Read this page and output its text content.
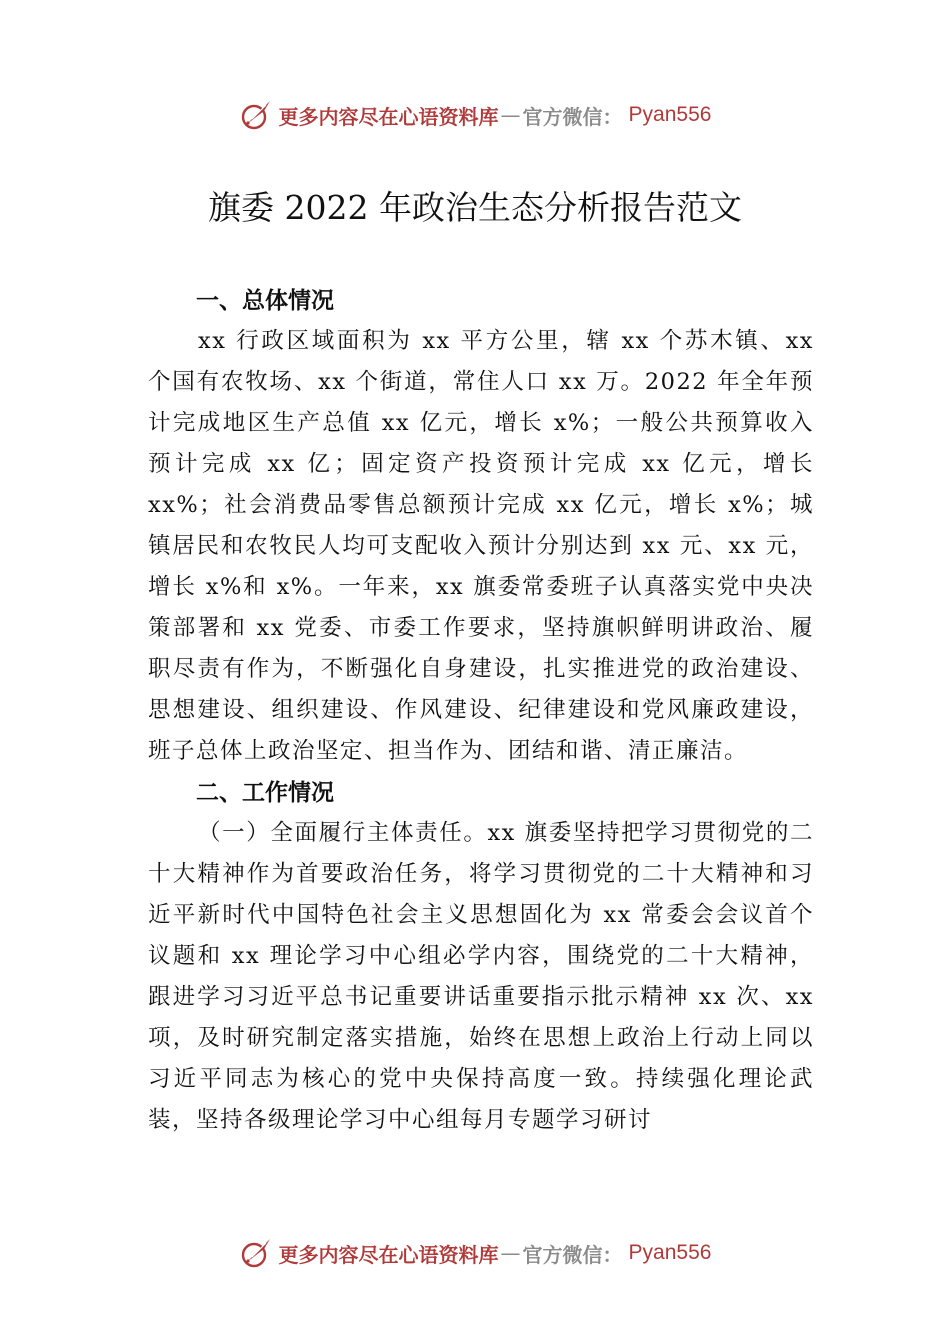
更多内容尽在心语资料库 — 官方微信： Pyan556
旗委 2022 年政治生态分析报告范文
一、总体情况

xx 行政区域面积为 xx 平方公里，辖 xx 个苏木镇、xx 个国有农牧场、xx 个街道，常住人口 xx 万。2022 年全年预计完成地区生产总值 xx 亿元，增长 x%；一般公共预算收入预计完成 xx 亿；固定资产投资预计完成 xx 亿元，增长 xx%；社会消费品零售总额预计完成 xx 亿元，增长 x%；城镇居民和农牧民人均可支配收入预计分别达到 xx 元、xx 元，增长 x%和 x%。一年来，xx 旗委常委班子认真落实党中央决策部署和 xx 党委、市委工作要求，坚持旗帜鲜明讲政治、履职尽责有作为，不断强化自身建设，扎实推进党的政治建设、思想建设、组织建设、作风建设、纪律建设和党风廉政建设， 班子总体上政治坚定、担当作为、团结和谐、清正廉洁。

二、工作情况

（一）全面履行主体责任。xx 旗委坚持把学习贯彻党的二十大精神作为首要政治任务，将学习贯彻党的二十大精神和习近平新时代中国特色社会主义思想固化为 xx 常委会会议首个议题和 xx 理论学习中心组必学内容，围绕党的二十大精神，跟进学习习近平总书记重要讲话重要指示批示精神 xx 次、xx 项，及时研究制定落实措施，始终在思想上政治上行动上同以习近平同志为核心的党中央保持高度一致。持续强化理论武装，坚持各级理论学习中心组每月专题学习研讨

更多内容尽在心语资料库 — 官方微信： Pyan556
